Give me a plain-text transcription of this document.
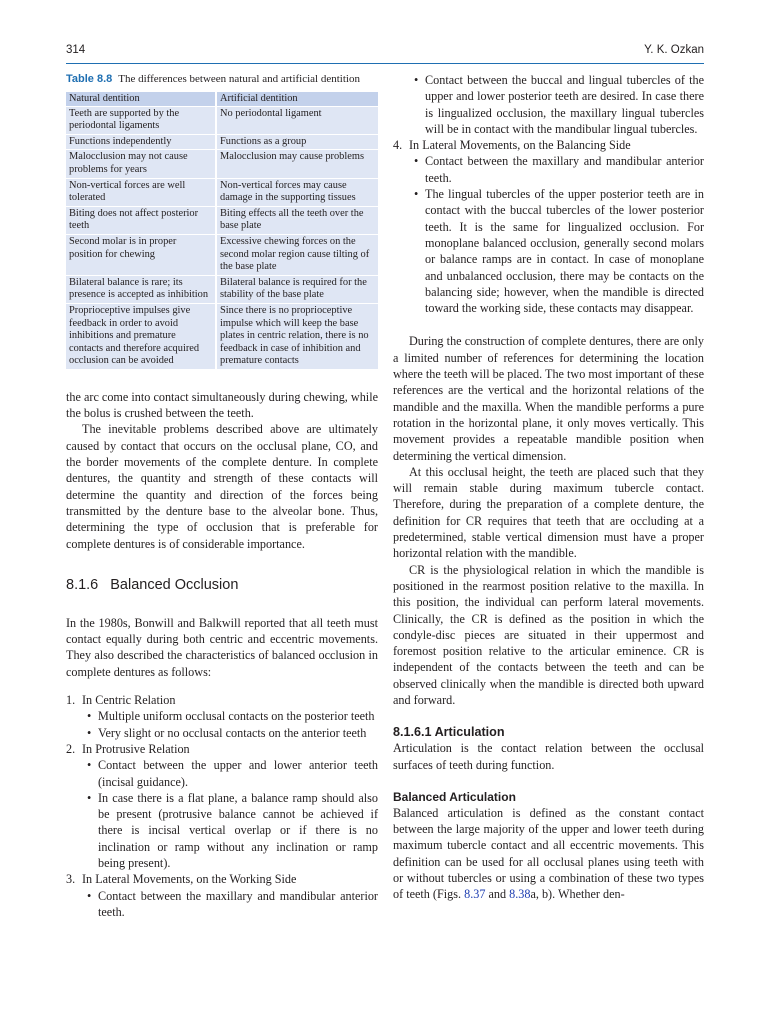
314	Y. K. Ozkan
Table 8.8 The differences between natural and artificial dentition
Natural dentition	Artificial dentition
Teeth are supported by the periodontal ligaments	No periodontal ligament
Functions independently	Functions as a group
Malocclusion may not cause problems for years	Malocclusion may cause problems
Non-vertical forces are well tolerated	Non-vertical forces may cause damage in the supporting tissues
Biting does not affect posterior teeth	Biting effects all the teeth over the base plate
Second molar is in proper position for chewing	Excessive chewing forces on the second molar region cause tilting of the base plate
Bilateral balance is rare; its presence is accepted as inhibition	Bilateral balance is required for the stability of the base plate
Proprioceptive impulses give feedback in order to avoid inhibitions and premature contacts and therefore acquired occlusion can be avoided	Since there is no proprioceptive impulse which will keep the base plates in centric relation, there is no feedback in case of inhibition and premature contacts

the arc come into contact simultaneously during chewing, while the bolus is crushed between the teeth.

The inevitable problems described above are ultimately caused by contact that occurs on the occlusal plane, CO, and the border movements of the complete denture. In complete dentures, the quantity and strength of these contacts will determine the quantity and direction of the forces being transmitted by the denture base to the alveolar bone. Thus, determining the type of occlusion that is preferable for complete dentures is of considerable importance.

8.1.6 Balanced Occlusion

In the 1980s, Bonwill and Balkwill reported that all teeth must contact equally during both centric and eccentric movements. They also described the characteristics of balanced occlusion in complete dentures as follows:

1. In Centric Relation
• Multiple uniform occlusal contacts on the posterior teeth
• Very slight or no occlusal contacts on the anterior teeth
2. In Protrusive Relation
• Contact between the upper and lower anterior teeth (incisal guidance).
• In case there is a flat plane, a balance ramp should also be present (protrusive balance cannot be achieved if there is incisal vertical overlap or if there is no inclination or ramp without any inclination or ramp being present).
3. In Lateral Movements, on the Working Side
• Contact between the maxillary and mandibular anterior teeth.
• Contact between the buccal and lingual tubercles of the upper and lower posterior teeth are desired. In case there is lingualized occlusion, the maxillary lingual tubercles will be in contact with the mandibular lingual tubercles.
4. In Lateral Movements, on the Balancing Side
• Contact between the maxillary and mandibular anterior teeth.
• The lingual tubercles of the upper posterior teeth are in contact with the buccal tubercles of the lower posterior teeth. It is the same for lingualized occlusion. For monoplane balanced occlusion, generally second molars or balance ramps are in contact. In case of monoplane and unbalanced occlusion, there may be contacts on the balancing side; however, when the mandible is directed toward the working side, these contacts may disappear.

During the construction of complete dentures, there are only a limited number of references for determining the location where the teeth will be placed. The two most important of these references are the vertical and the horizontal relations of the mandible and the maxilla. When the mandible performs a pure rotation in the horizontal plane, it only moves vertically. This movement provides a repeatable mandible position when determining the vertical dimension.

At this occlusal height, the teeth are placed such that they will remain stable during maximum tubercle contact. Therefore, during the preparation of a complete denture, the definition for CR requires that teeth that are occluding at a predetermined, stable vertical dimension must have a proper horizontal relation with the mandible.

CR is the physiological relation in which the mandible is positioned in the rearmost position relative to the maxilla. In this position, the individual can perform lateral movements. Clinically, the CR is defined as the position in which the condyle-disc pieces are situated in their uppermost and foremost position relative to the articular eminence. CR is independent of the contacts between the teeth and can be observed clinically when the mandible is directed both upward and forward.

8.1.6.1 Articulation

Articulation is the contact relation between the occlusal surfaces of teeth during function.

Balanced Articulation

Balanced articulation is defined as the constant contact between the large majority of the upper and lower teeth during maximum tubercle contact and all eccentric movements. This definition can be used for all occlusal planes using teeth with or without tubercles or using a combination of these two types of teeth (Figs. 8.37 and 8.38a, b). Whether den-
